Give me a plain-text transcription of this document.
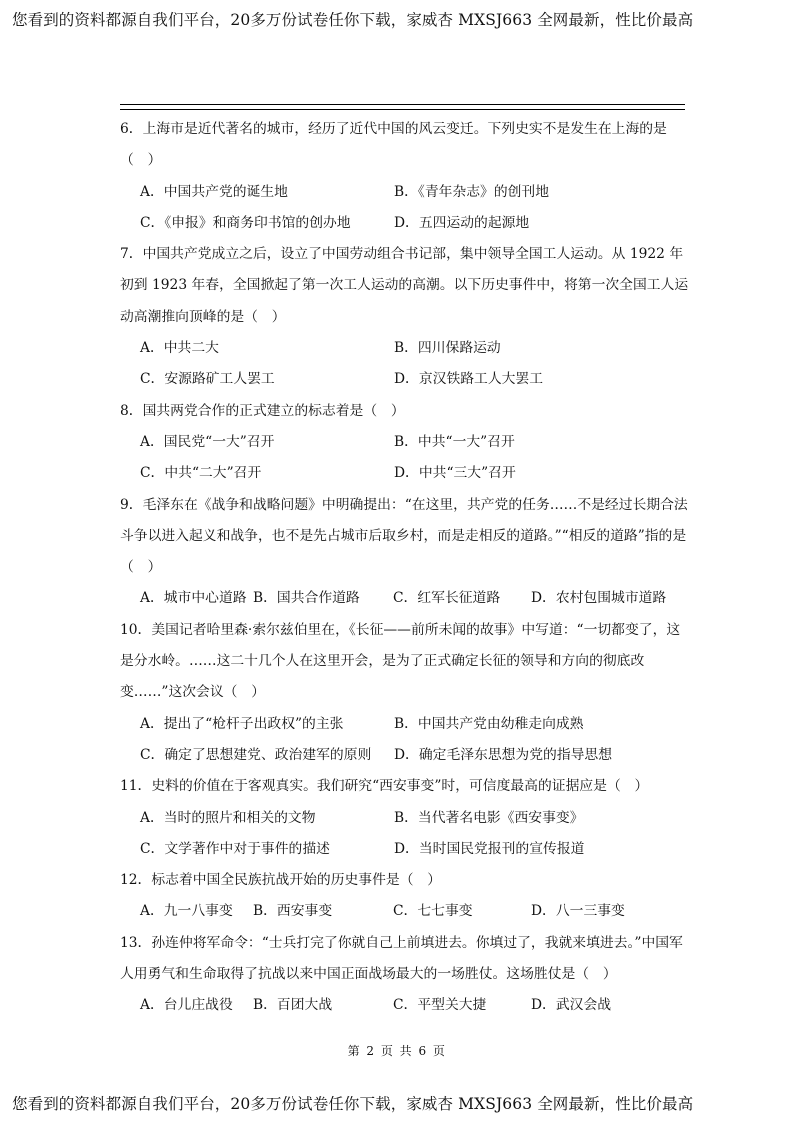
您看到的资料都源自我们平台，20多万份试卷任你下载，家威杏 MXSJ663 全网最新，性比价最高

6．上海市是近代著名的城市，经历了近代中国的风云变迁。下列史实不是发生在上海的是（　）

A．中国共产党的诞生地	B．《青年杂志》的创刊地
C．《申报》和商务印书馆的创办地	D．五四运动的起源地

7．中国共产党成立之后，设立了中国劳动组合书记部，集中领导全国工人运动。从 1922 年初到 1923 年春，全国掀起了第一次工人运动的高潮。以下历史事件中，将第一次全国工人运动高潮推向顶峰的是（　）

A．中共二大	B．四川保路运动
C．安源路矿工人罢工	D．京汉铁路工人大罢工

8．国共两党合作的正式建立的标志着是（　）

A．国民党“一大”召开	B．中共“一大”召开
C．中共“二大”召开	D．中共“三大”召开

9．毛泽东在《战争和战略问题》中明确提出：“在这里，共产党的任务……不是经过长期合法斗争以进入起义和战争，也不是先占城市后取乡村，而是走相反的道路。”“相反的道路”指的是（　）

A．城市中心道路 B．国共合作道路	C．红军长征道路	D．农村包围城市道路

10．美国记者哈里森·索尔兹伯里在，《长征——前所未闻的故事》中写道：“一切都变了，这是分水岭。……这二十几个人在这里开会，是为了正式确定长征的领导和方向的彻底改变……”这次会议（　）

A．提出了“枪杆子出政权”的主张	B．中国共产党由幼稚走向成熟
C．确定了思想建党、政治建军的原则	D．确定毛泽东思想为党的指导思想

11．史料的价值在于客观真实。我们研究“西安事变”时，可信度最高的证据应是（　）

A．当时的照片和相关的文物	B．当代著名电影《西安事变》
C．文学著作中对于事件的描述	D．当时国民党报刊的宣传报道

12．标志着中国全民族抗战开始的历史事件是（　）

A．九一八事变	B．西安事变	C．七七事变	D．八一三事变

13．孙连仲将军命令：“士兵打完了你就自己上前填进去。你填过了，我就来填进去。”中国军人用勇气和生命取得了抗战以来中国正面战场最大的一场胜仗。这场胜仗是（　）

A．台儿庄战役	B．百团大战	C．平型关大捷	D．武汉会战
第 2 页 共 6 页
您看到的资料都源自我们平台，20多万份试卷任你下载，家威杏 MXSJ663 全网最新，性比价最高
